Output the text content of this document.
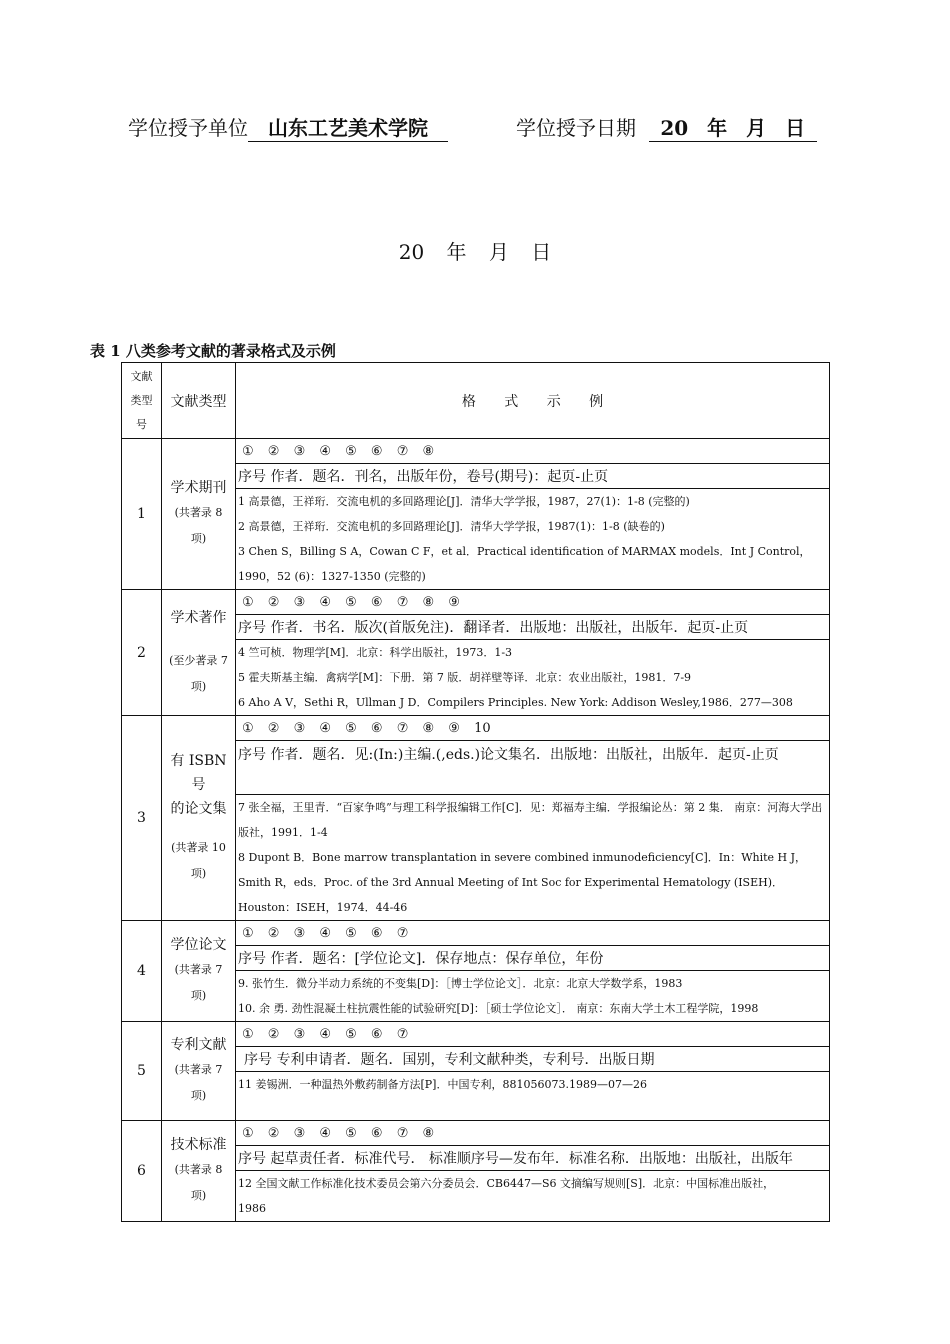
学位授予单位 山东工艺美术学院	学位授予日期 20 年 月 日
20 年 月 日
表 1 八类参考文献的著录格式及示例
文献
类型
号	文献类型	格 式 示 例
1	学术期刊
(共著录 8
项)	① ② ③ ④ ⑤ ⑥ ⑦ ⑧
		序号 作者．题名．刊名，出版年份，卷号(期号)：起页-止页

		1 高景德，王祥珩．交流电机的多回路理论[J]．清华大学学报，1987，27(1)：1-8 (完整的)
2 高景德，王祥珩．交流电机的多回路理论[J]．清华大学学报，1987(1)：1-8 (缺卷的)
3 Chen S，Billing S A，Cowan C F，et al．Practical identification of MARMAX models．Int J Control，1990，52 (6)：1327-1350 (完整的)

2	学术著作
(至少著录 7
项)	① ② ③ ④ ⑤ ⑥ ⑦ ⑧ ⑨
		序号 作者．书名．版次(首版免注)．翻译者．出版地：出版社，出版年．起页-止页

		4 竺可桢．物理学[M]．北京：科学出版社，1973．1-3
5 霍夫斯基主编．禽病学[M]：下册．第 7 版．胡祥壁等译．北京：农业出版社，1981．7-9
6 Aho A V，Sethi R，Ullman J D．Compilers Principles. New York: Addison Wesley,1986．277—308

3	有 ISBN
号
的论文集
(共著录 10
项)	① ② ③ ④ ⑤ ⑥ ⑦ ⑧ ⑨ 10
		序号 作者．题名．见:(In:)主编.(,eds.)论文集名．出版地：出版社，出版年．起页-止页

		7 张全福，王里青．“百家争鸣”与理工科学报编辑工作[C]．见：郑福寿主编．学报编论丛：第 2 集． 南京：河海大学出版社，1991．1-4
8 Dupont B．Bone marrow transplantation in severe combined inmunodeficiency[C]．In：White H J，Smith R，eds．Proc. of the 3rd Annual Meeting of Int Soc for Experimental Hematology (ISEH)．Houston：ISEH，1974．44-46

4	学位论文
(共著录 7
项)	① ② ③ ④ ⑤ ⑥ ⑦
		序号 作者．题名：[学位论文]．保存地点：保存单位，年份

		9. 张竹生．微分半动力系统的不变集[D]：［博士学位论文］．北京：北京大学数学系，1983
10. 余 勇. 劲性混凝土柱抗震性能的试验研究[D]：［硕士学位论文］． 南京：东南大学土木工程学院，1998

5	专利文献
(共著录 7
项)	① ② ③ ④ ⑤ ⑥ ⑦
		序号 专利申请者．题名．国别，专利文献种类，专利号．出版日期

		11 姜锡洲．一种温热外敷药制备方法[P]．中国专利，881056073.1989—07—26

6	技术标准
(共著录 8
项)	① ② ③ ④ ⑤ ⑥ ⑦ ⑧
		序号 起草责任者．标准代号． 标准顺序号—发布年．标准名称．出版地：出版社，出版年

		12 全国文献工作标准化技术委员会第六分委员会．CB6447—S6 文摘编写规则[S]．北京：中国标准出版社，1986
